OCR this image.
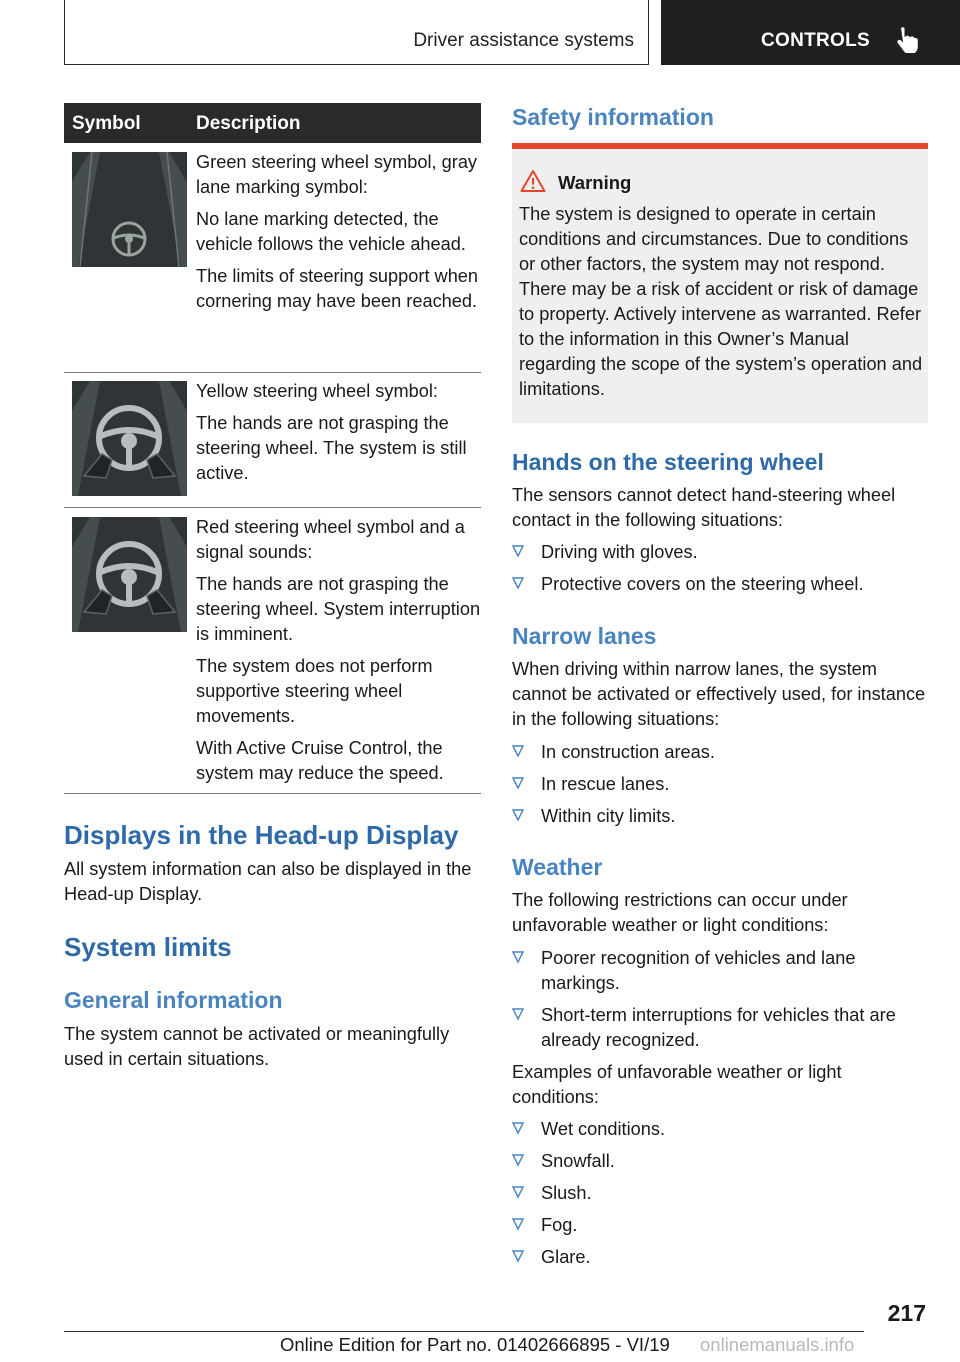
Driver assistance systems	CONTROLS
Symbol	Description

Green steering wheel symbol, gray lane marking symbol:

No lane marking detected, the vehicle follows the vehicle ahead.

The limits of steering support when cornering may have been reached.

Yellow steering wheel symbol:

The hands are not grasping the steering wheel. The system is still active.

Red steering wheel symbol and a signal sounds:

The hands are not grasping the steering wheel. System interruption is imminent.

The system does not perform supportive steering wheel movements.

With Active Cruise Control, the system may reduce the speed.

Displays in the Head-up Display
All system information can also be displayed in the Head-up Display.
System limits
General information
The system cannot be activated or meaningfully used in certain situations.
Safety information
Warning
The system is designed to operate in certain conditions and circumstances. Due to conditions or other factors, the system may not respond. There may be a risk of accident or risk of damage to property. Actively intervene as warranted. Refer to the information in this Owner’s Manual regarding the scope of the system’s operation and limitations.
Hands on the steering wheel
The sensors cannot detect hand-steering wheel contact in the following situations:
Driving with gloves.
Protective covers on the steering wheel.
Narrow lanes
When driving within narrow lanes, the system cannot be activated or effectively used, for instance in the following situations:
In construction areas.
In rescue lanes.
Within city limits.
Weather
The following restrictions can occur under unfavorable weather or light conditions:
Poorer recognition of vehicles and lane markings.
Short-term interruptions for vehicles that are already recognized.
Examples of unfavorable weather or light conditions:
Wet conditions.
Snowfall.
Slush.
Fog.
Glare.
217
Online Edition for Part no. 01402666895 - VI/19 onlinemanuals.info
